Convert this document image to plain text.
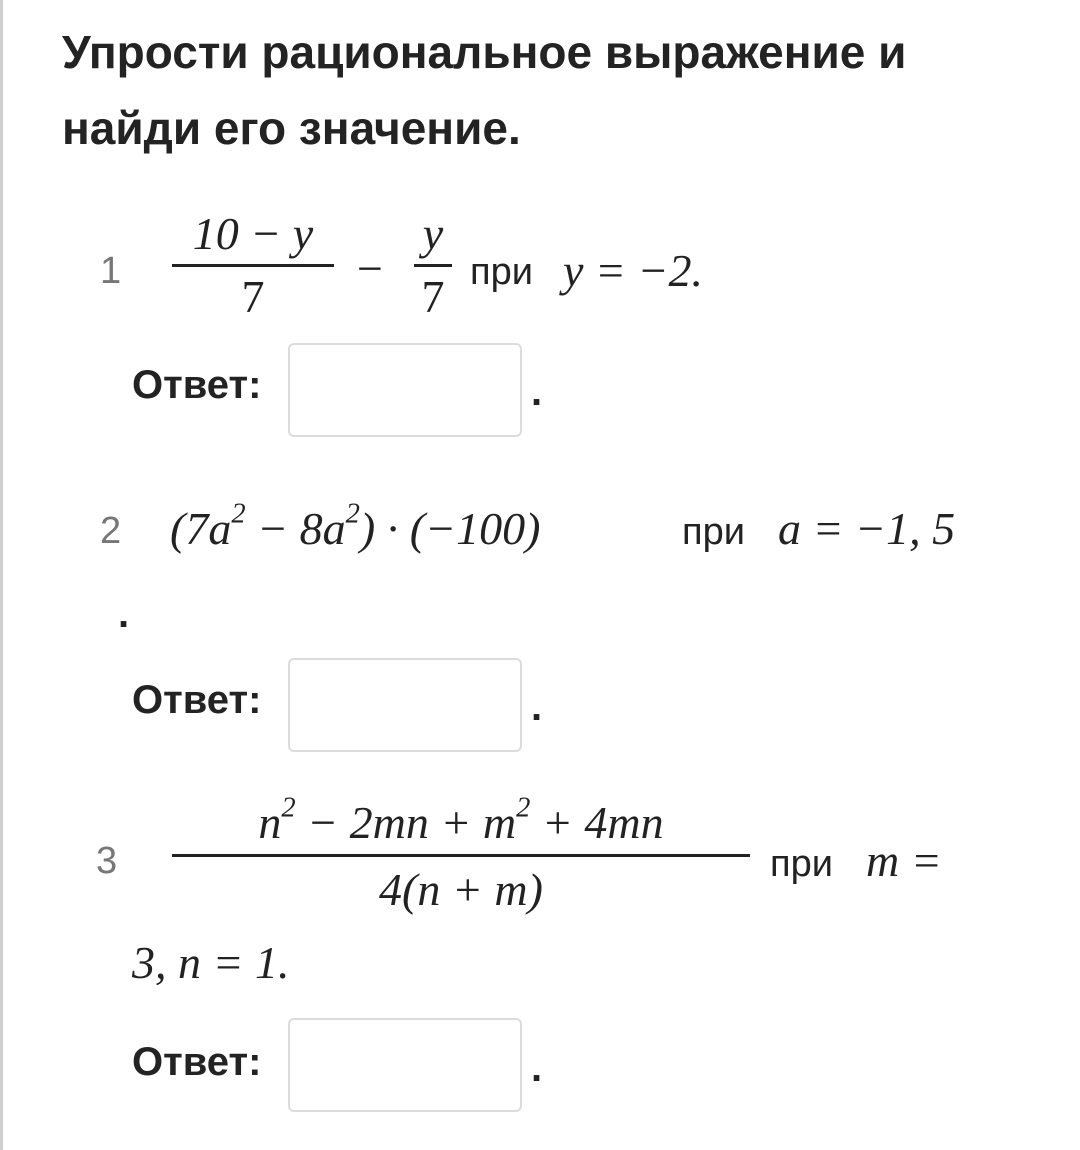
Упрости рациональное выражение и
найди его значение.
1
10 − y
7
−
y
7 при y = −2.
Ответ:	.
2 $(7a^2 - 8a^2) \cdot (-100)$	при a = −1, 5
.
Ответ:	.
3
$n^2 - 2mn + m^2 + 4mn$
4(n + m)	при m =
3, n = 1.
Ответ:	.
